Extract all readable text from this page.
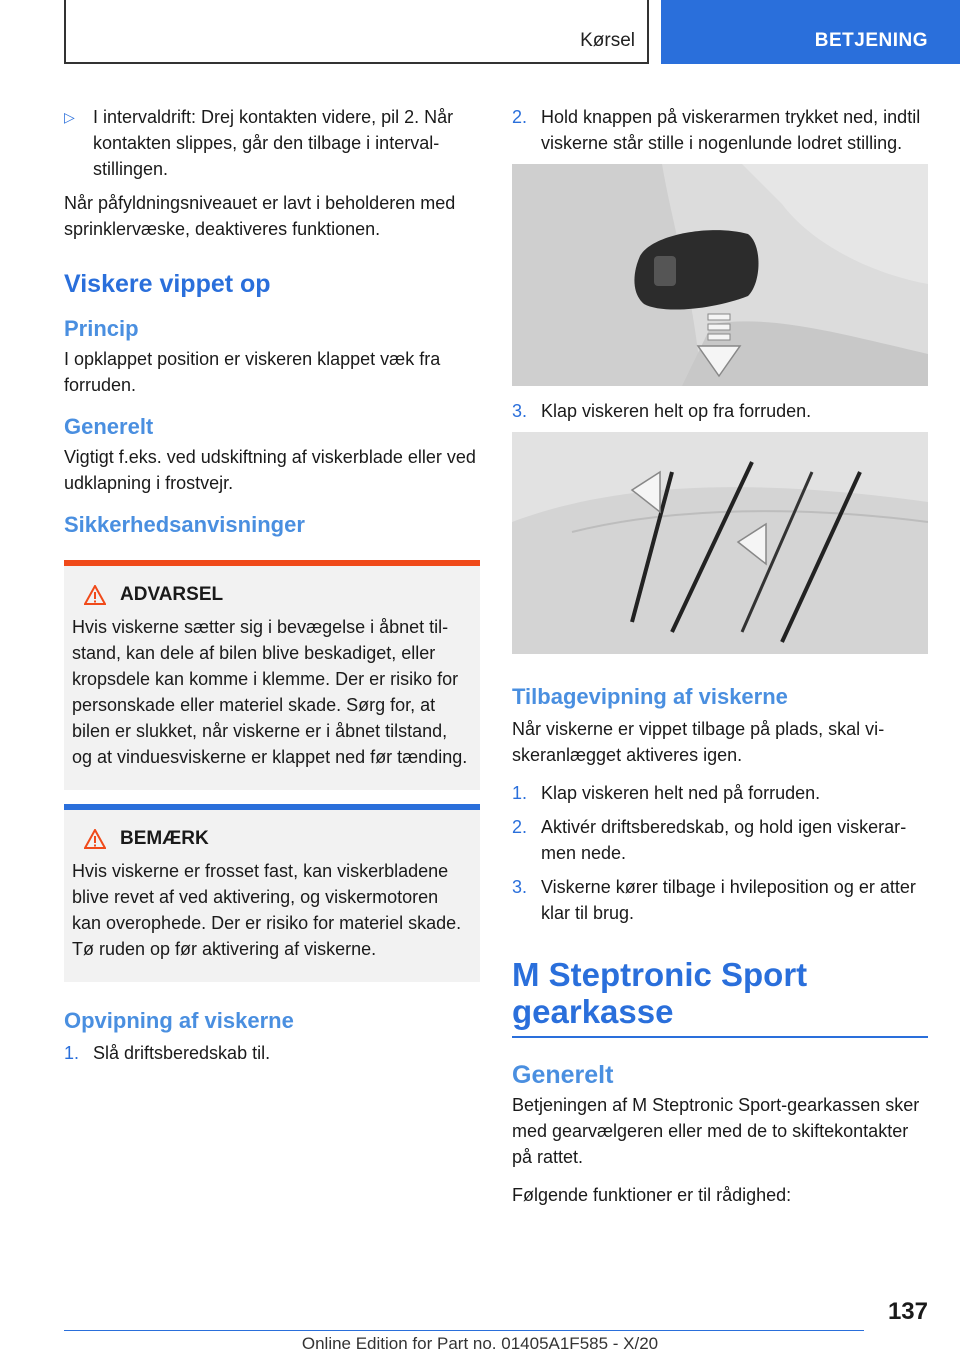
Kørsel	BETJENING
▷ I intervaldrift: Drej kontakten videre, pil 2. Når kontakten slippes, går den tilbage i intervalstillingen.

Når påfyldningsniveauet er lavt i beholderen med sprinklervæske, deaktiveres funktionen.

Viskere vippet op
Princip

I opklappet position er viskeren klappet væk fra forruden.

Generelt

Vigtigt f.eks. ved udskiftning af viskerblade eller ved udklapning i frostvejr.

Sikkerhedsanvisninger
ADVARSEL
Hvis viskerne sætter sig i bevægelse i åbnet tilstand, kan dele af bilen blive beskadiget, eller kropsdele kan komme i klemme. Der er risiko for personskade eller materiel skade. Sørg for, at bilen er slukket, når viskerne er i åbnet tilstand, og at vinduesviskerne er klappet ned før tænding.
BEMÆRK
Hvis viskerne er frosset fast, kan viskerbladene blive revet af ved aktivering, og viskermotoren kan overophede. Der er risiko for materiel skade. Tø ruden op før aktivering af viskerne.
Opvipning af viskerne
1. Slå driftsberedskab til.
2. Hold knappen på viskerarmen trykket ned, indtil viskerne står stille i nogenlunde lodret stilling.
3. Klap viskeren helt op fra forruden.
Tilbagevipning af viskerne

Når viskerne er vippet tilbage på plads, skal viskeranlægget aktiveres igen.

1. Klap viskeren helt ned på forruden.
2. Aktivér driftsberedskab, og hold igen viskerarmen nede.
3. Viskerne kører tilbage i hvileposition og er atter klar til brug.
M Steptronic Sport gearkasse
Generelt

Betjeningen af M Steptronic Sport-gearkassen sker med gearvælgeren eller med de to skiftekontakter på rattet.

Følgende funktioner er til rådighed:

137
Online Edition for Part no. 01405A1F585 - X/20
